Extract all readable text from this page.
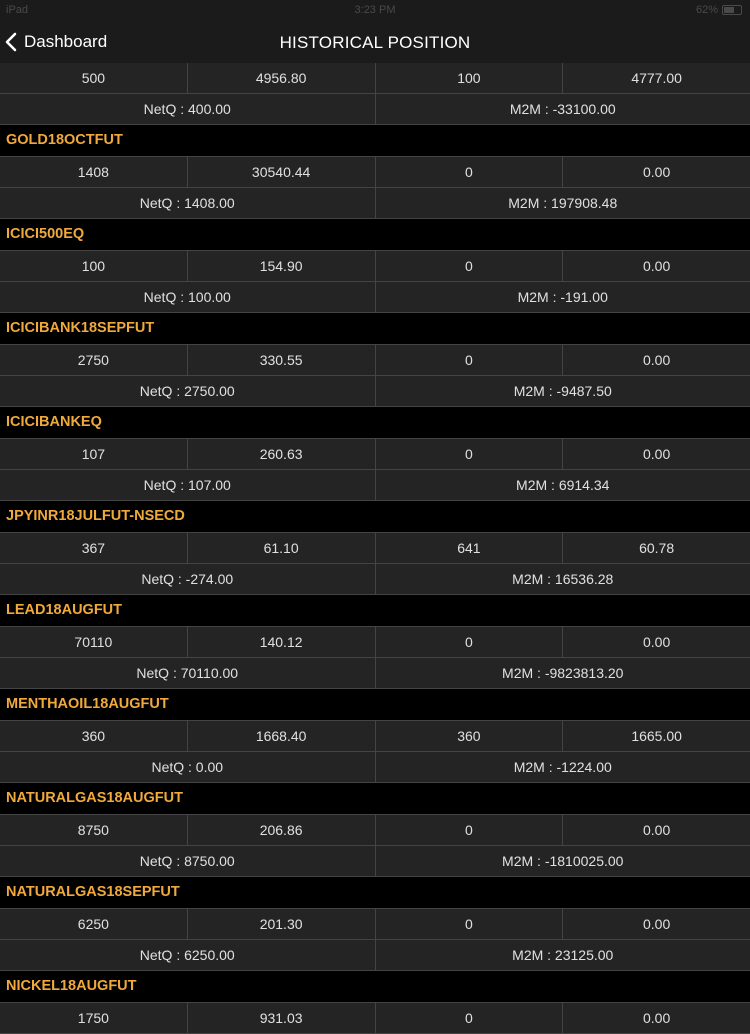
iPad	3:23 PM	62%
Dashboard	HISTORICAL POSITION
500	4956.80	100	4777.00
NetQ : 400.00	M2M : -33100.00
GOLD18OCTFUT
1408	30540.44	0	0.00
NetQ : 1408.00	M2M : 197908.48
ICICI500EQ
100	154.90	0	0.00
NetQ : 100.00	M2M : -191.00
ICICIBANK18SEPFUT
2750	330.55	0	0.00
NetQ : 2750.00	M2M : -9487.50
ICICIBANKEQ
107	260.63	0	0.00
NetQ : 107.00	M2M : 6914.34
JPYINR18JULFUT-NSECD
367	61.10	641	60.78
NetQ : -274.00	M2M : 16536.28
LEAD18AUGFUT
70110	140.12	0	0.00
NetQ : 70110.00	M2M : -9823813.20
MENTHAOIL18AUGFUT
360	1668.40	360	1665.00
NetQ : 0.00	M2M : -1224.00
NATURALGAS18AUGFUT
8750	206.86	0	0.00
NetQ : 8750.00	M2M : -1810025.00
NATURALGAS18SEPFUT
6250	201.30	0	0.00
NetQ : 6250.00	M2M : 23125.00
NICKEL18AUGFUT
1750	931.03	0	0.00
